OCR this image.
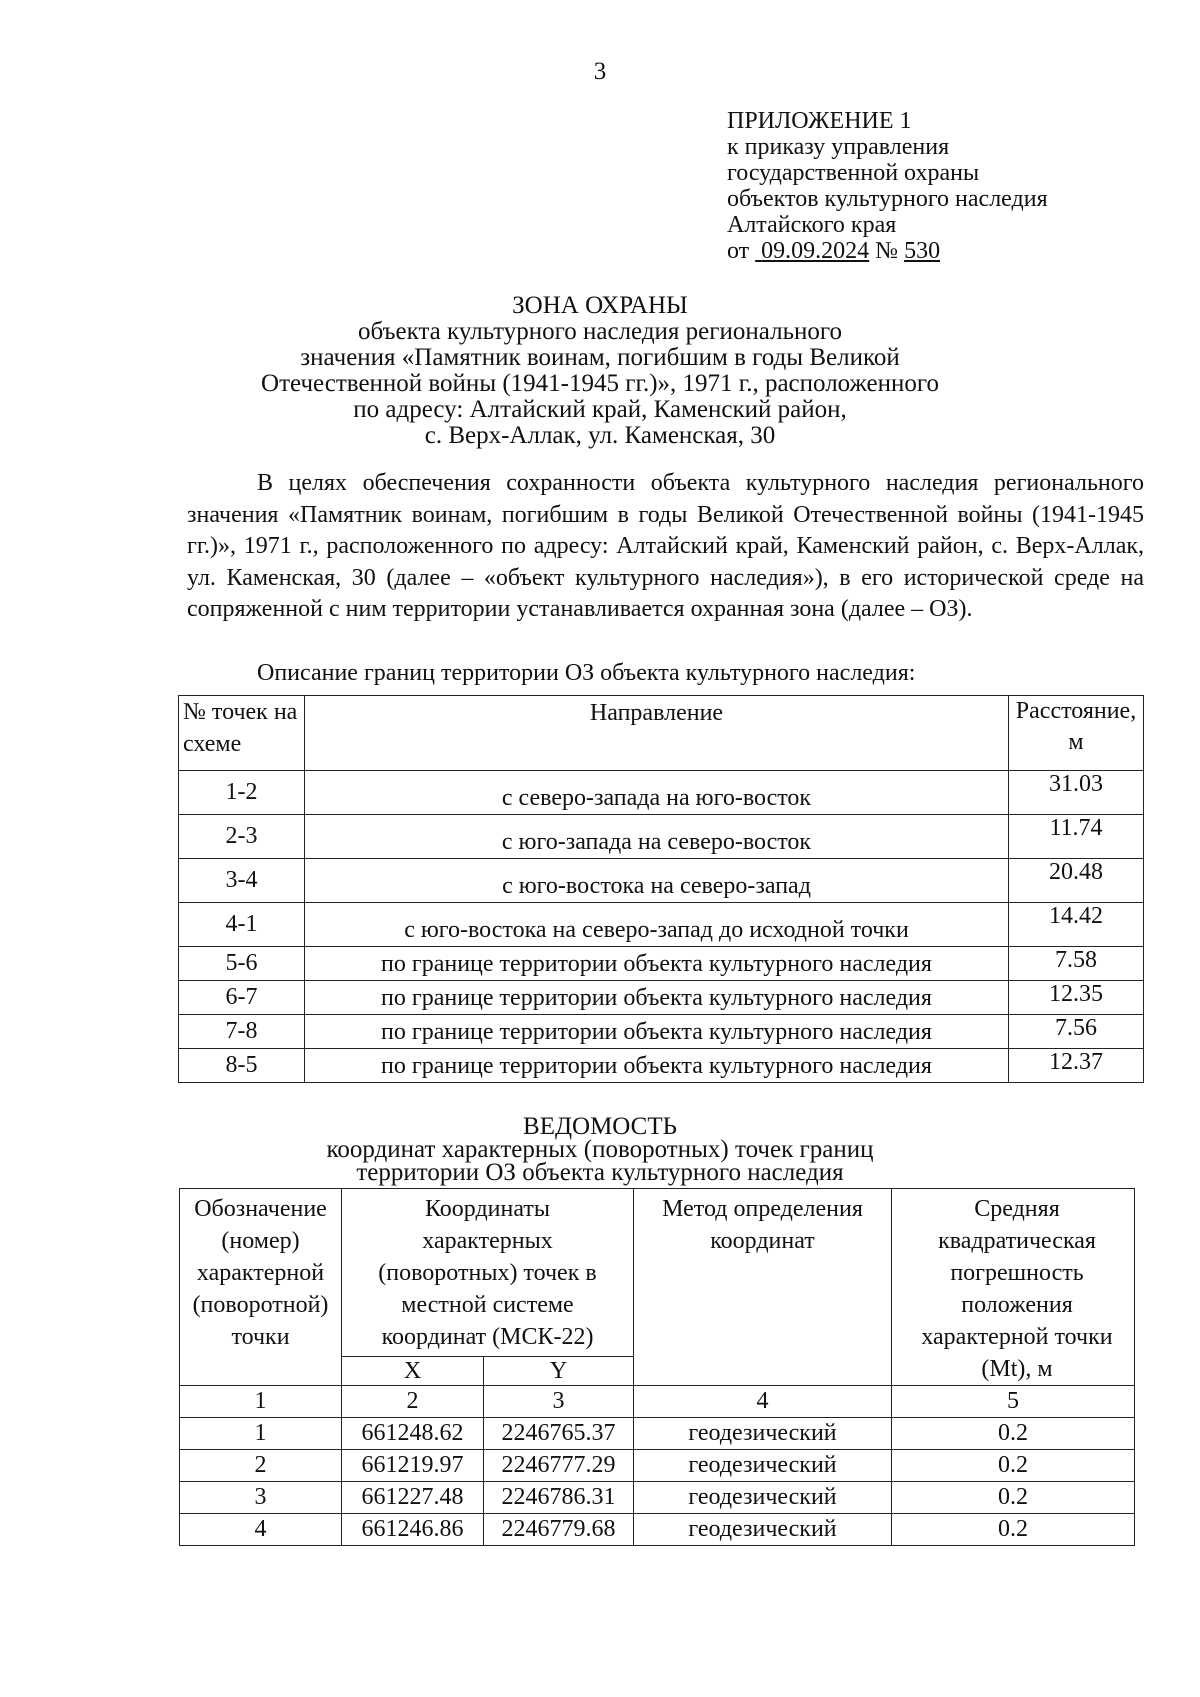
3
ПРИЛОЖЕНИЕ 1
к приказу управления
государственной охраны
объектов культурного наследия
Алтайского края
от 09.09.2024 № 530
ЗОНА ОХРАНЫ
объекта культурного наследия регионального
значения «Памятник воинам, погибшим в годы Великой
Отечественной войны (1941-1945 гг.)», 1971 г., расположенного
по адресу: Алтайский край, Каменский район,
с. Верх-Аллак, ул. Каменская, 30
В целях обеспечения сохранности объекта культурного наследия регионального значения «Памятник воинам, погибшим в годы Великой Отечественной войны (1941-1945 гг.)», 1971 г., расположенного по адресу: Алтайский край, Каменский район, с. Верх-Аллак, ул. Каменская, 30 (далее – «объект культурного наследия»), в его исторической среде на сопряженной с ним территории устанавливается охранная зона (далее – ОЗ).
Описание границ территории ОЗ объекта культурного наследия:
№ точек на схеме	Направление	Расстояние, м
1-2	с северо-запада на юго-восток	31.03
2-3	с юго-запада на северо-восток	11.74
3-4	с юго-востока на северо-запад	20.48
4-1	с юго-востока на северо-запад до исходной точки	14.42
5-6	по границе территории объекта культурного наследия	7.58
6-7	по границе территории объекта культурного наследия	12.35
7-8	по границе территории объекта культурного наследия	7.56
8-5	по границе территории объекта культурного наследия	12.37
ВЕДОМОСТЬ
координат характерных (поворотных) точек границ
территории ОЗ объекта культурного наследия
Обозначение (номер) характерной (поворотной) точки	Координаты характерных (поворотных) точек в местной системе координат (МСК-22)		Метод определения координат	Средняя квадратическая погрешность положения характерной точки (Mt), м
	X	Y		
1	2	3	4	5
1	661248.62	2246765.37	геодезический	0.2
2	661219.97	2246777.29	геодезический	0.2
3	661227.48	2246786.31	геодезический	0.2
4	661246.86	2246779.68	геодезический	0.2
